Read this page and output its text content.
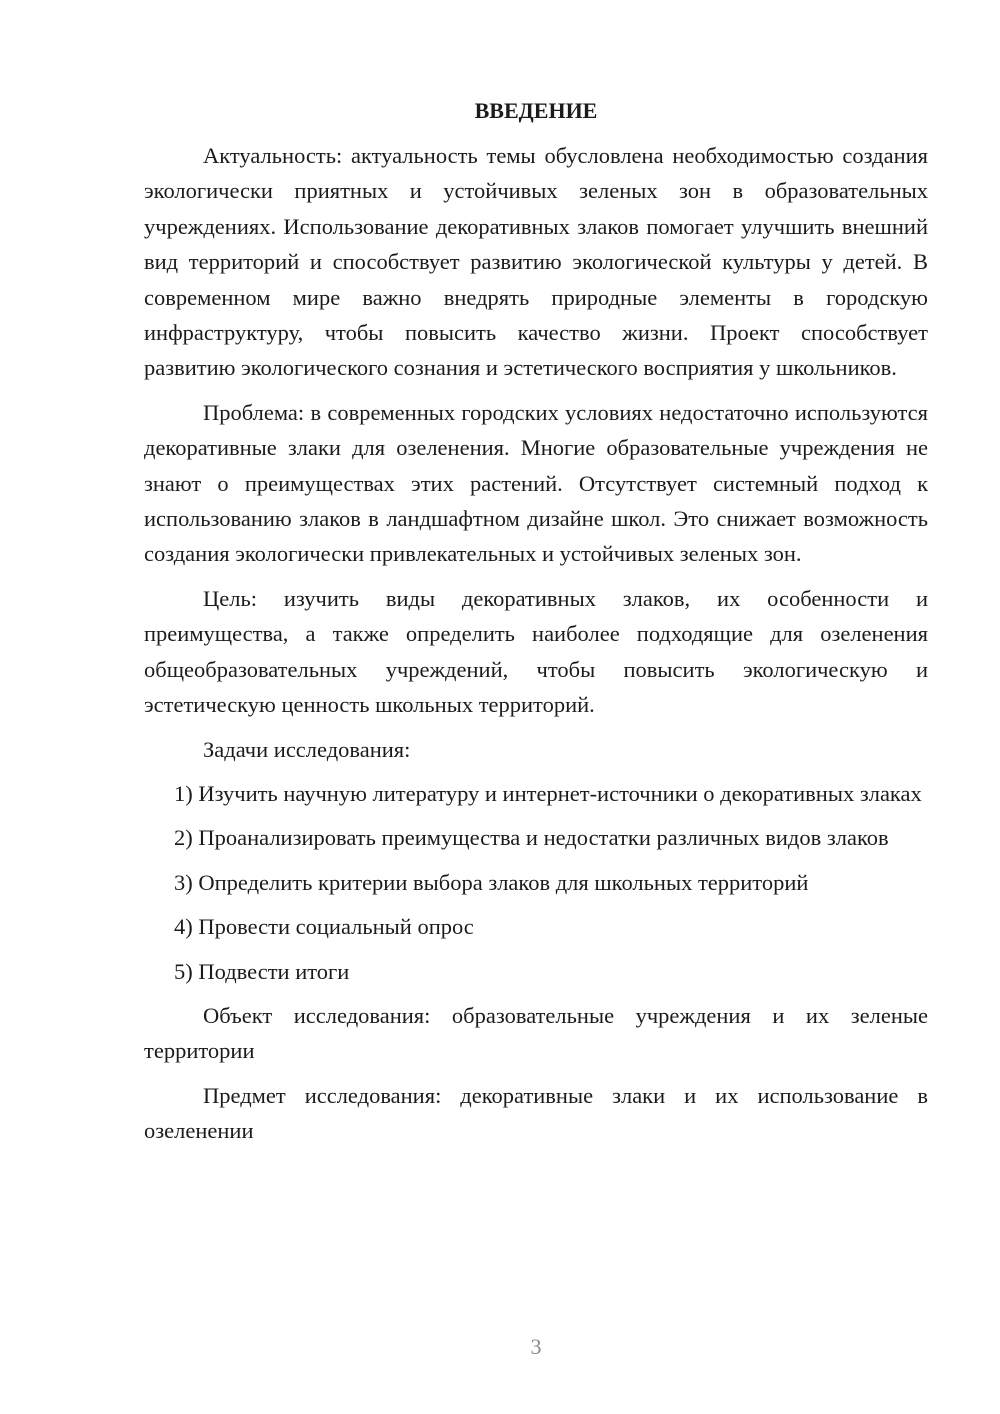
ВВЕДЕНИЕ

Актуальность: актуальность темы обусловлена необходимостью создания экологически приятных и устойчивых зеленых зон в образовательных учреждениях. Использование декоративных злаков помогает улучшить внешний вид территорий и способствует развитию экологической культуры у детей. В современном мире важно внедрять природные элементы в городскую инфраструктуру, чтобы повысить качество жизни. Проект способствует развитию экологического сознания и эстетического восприятия у школьников.

Проблема: в современных городских условиях недостаточно используются декоративные злаки для озеленения. Многие образовательные учреждения не знают о преимуществах этих растений. Отсутствует системный подход к использованию злаков в ландшафтном дизайне школ. Это снижает возможность создания экологически привлекательных и устойчивых зеленых зон.

Цель: изучить виды декоративных злаков, их особенности и преимущества, а также определить наиболее подходящие для озеленения общеобразовательных учреждений, чтобы повысить экологическую и эстетическую ценность школьных территорий.

Задачи исследования:

1) Изучить научную литературу и интернет-источники о декоративных злаках

2) Проанализировать преимущества и недостатки различных видов злаков

3) Определить критерии выбора злаков для школьных территорий

4) Провести социальный опрос

5) Подвести итоги

Объект исследования: образовательные учреждения и их зеленые территории

Предмет исследования: декоративные злаки и их использование в озеленении

3
